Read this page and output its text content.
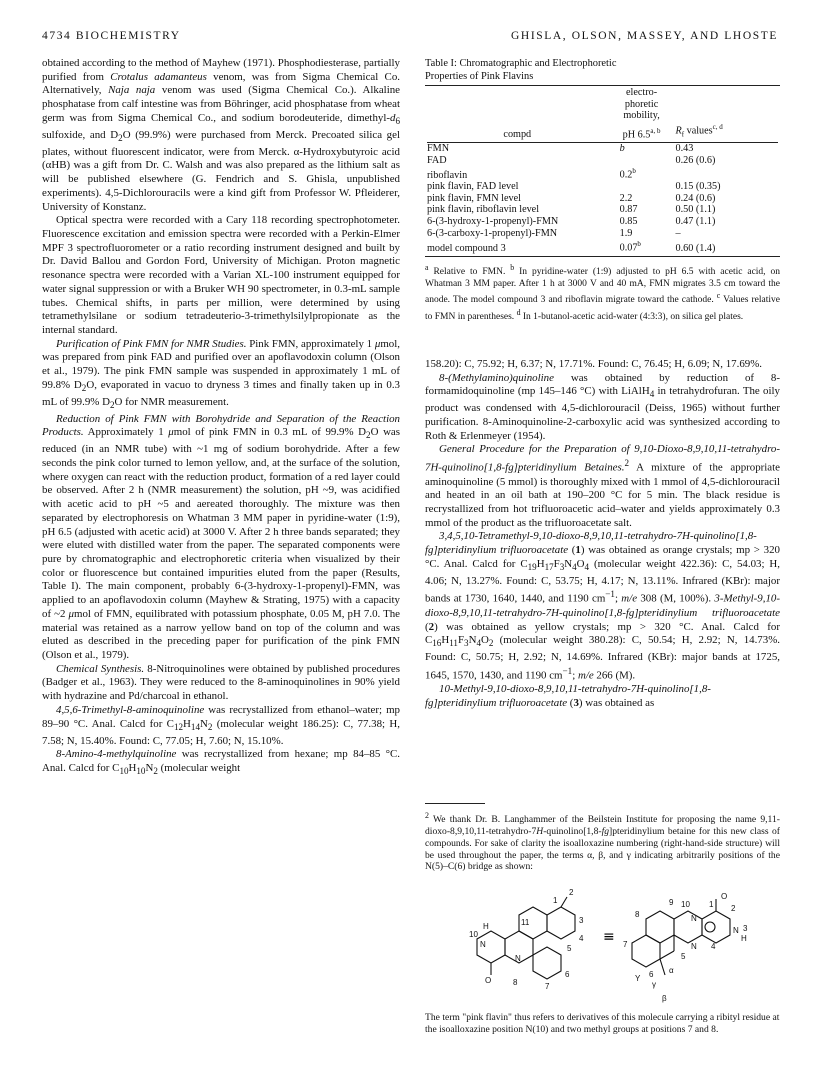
4734 BIOCHEMISTRY	GHISLA, OLSON, MASSEY, AND LHOSTE

obtained according to the method of Mayhew (1971). Phosphodiesterase, partially purified from Crotalus adamanteus venom, was from Sigma Chemical Co. Alternatively, Naja naja venom was used (Sigma Chemical Co.). Alkaline phosphatase from calf intestine was from Böhringer, acid phosphatase from wheat germ was from Sigma Chemical Co., and sodium borodeuteride, dimethyl-$d_6$ sulfoxide, and $D_2O$ (99.9%) were purchased from Merck. Precoated silica gel plates, without fluorescent indicator, were from Merck. α-Hydroxybutyroic acid (αHB) was a gift from Dr. C. Walsh and was also prepared as the lithium salt as will be published elsewhere (G. Fendrich and S. Ghisla, unpublished experiments). 4,5-Dichlorouracils were a kind gift from Professor W. Pfleiderer, University of Konstanz.

Optical spectra were recorded with a Cary 118 recording spectrophotometer. Fluorescence excitation and emission spectra were recorded with a Perkin-Elmer MPF 3 spectrofluorometer or a ratio recording instrument designed and built by Dr. David Ballou and Gordon Ford, University of Michigan. Proton magnetic resonance spectra were recorded with a Varian XL-100 instrument equipped for water signal suppression or with a Bruker WH 90 spectrometer, in 0.3-mL sample tubes. Chemical shifts, in parts per million, were determined by using tetramethylsilane or sodium tetradeuterio-3-trimethylsilylpropionate as the internal standard.

Purification of Pink FMN for NMR Studies. Pink FMN, approximately 1 μmol, was prepared from pink FAD and purified over an apoflavodoxin column (Olson et al., 1979). The pink FMN sample was suspended in approximately 1 mL of 99.8% $D_2O$, evaporated in vacuo to dryness 3 times and finally taken up in 0.3 mL of 99.9% $D_2O$ for NMR measurement.

Reduction of Pink FMN with Borohydride and Separation of the Reaction Products. Approximately 1 μmol of pink FMN in 0.3 mL of 99.9% $D_2O$ was reduced (in an NMR tube) with ~1 mg of sodium borohydride. After a few seconds the pink color turned to lemon yellow, and, at the surface of the solution, where oxygen can react with the reduction product, formation of a red layer could be observed. After 2 h (NMR measurement) the solution, pH ~9, was acidified with acetic acid to pH ~5 and aereated thoroughly. The mixture was then separated by electrophoresis on Whatman 3 MM paper in pyridine-water (1:9), pH 6.5 (adjusted with acetic acid) at 3000 V. After 2 h three bands separated; they were eluted with distilled water from the paper. The separated components were pure by chromatographic and electrophoretic criteria when visualized by their color or fluorescence but contained impurities eluted from the paper (Results, Table I). The main component, probably 6-(3-hydroxy-1-propenyl)-FMN, was applied to an apoflavodoxin column (Mayhew & Strating, 1975) with a capacity of ~2 μmol of FMN, equilibrated with potassium phosphate, 0.05 M, pH 7.0. The material was retained as a narrow yellow band on top of the column and was eluted as described in the preceding paper for purification of the pink FMN (Olson et al., 1979).

Chemical Synthesis. 8-Nitroquinolines were obtained by published procedures (Badger et al., 1963). They were reduced to the 8-aminoquinolines in 90% yield with hydrazine and Pd/charcoal in ethanol.

4,5,6-Trimethyl-8-aminoquinoline was recrystallized from ethanol–water; mp 89–90 °C. Anal. Calcd for $C_{12}H_{14}N_2$ (molecular weight 186.25): C, 77.38; H, 7.58; N, 15.40%. Found: C, 77.05; H, 7.60; N, 15.10%.

8-Amino-4-methylquinoline was recrystallized from hexane; mp 84–85 °C. Anal. Calcd for $C_{10}H_{10}N_2$ (molecular weight

Table I: Chromatographic and Electrophoretic
Properties of Pink Flavins
	electro-	
	phoretic	
	mobility,	
compd	pH 6.5$^{a, b}$	$R_f$ values$^{c, d}$

FMN	b	0.43
FAD		0.26 (0.6)
riboflavin	0.2$^b$	
pink flavin, FAD level		0.15 (0.35)
pink flavin, FMN level	2.2	0.24 (0.6)
pink flavin, riboflavin level	0.87	0.50 (1.1)
6-(3-hydroxy-1-propenyl)-FMN	0.85	0.47 (1.1)
6-(3-carboxy-1-propenyl)-FMN	1.9	–
model compound 3	0.07$^b$	0.60 (1.4)
$^a$ Relative to FMN. $^b$ In pyridine-water (1:9) adjusted to pH 6.5 with acetic acid, on Whatman 3 MM paper. After 1 h at 3000 V and 40 mA, FMN migrates 3.5 cm toward the anode. The model compound 3 and riboflavin migrate toward the cathode. $^c$ Values relative to FMN in parentheses. $^d$ In 1-butanol-acetic acid-water (4:3:3), on silica gel plates.

158.20): C, 75.92; H, 6.37; N, 17.71%. Found: C, 76.45; H, 6.09; N, 17.69%.

8-(Methylamino)quinoline was obtained by reduction of 8-formamidoquinoline (mp 145–146 °C) with LiAlH$_4$ in tetrahydrofuran. The oily product was condensed with 4,5-dichlorouracil (Deiss, 1965) without further purification. 8-Aminoquinoline-2-carboxylic acid was synthesized according to Roth & Erlenmeyer (1954).

General Procedure for the Preparation of 9,10-Dioxo-8,9,10,11-tetrahydro-7H-quinolino[1,8-fg]pteridinylium Betaines.$^2$ A mixture of the appropriate aminoquinoline (5 mmol) is thoroughly mixed with 1 mmol of 4,5-dichlorouracil and heated in an oil bath at 190–200 °C for 5 min. The black residue is recrystallized from hot trifluoroacetic acid–water and yields approximately 0.3 mmol of the product as the trifluoroacetate salt.

3,4,5,10-Tetramethyl-9,10-dioxo-8,9,10,11-tetrahydro-7H-quinolino[1,8-fg]pteridinylium trifluoroacetate (1) was obtained as orange crystals; mp > 320 °C. Anal. Calcd for $C_{19}H_{17}F_3N_4O_4$ (molecular weight 422.36): C, 54.03; H, 4.06; N, 13.27%. Found: C, 53.75; H, 4.17; N, 13.11%. Infrared (KBr): major bands at 1730, 1640, 1440, and 1190 $cm^{-1}$; m/e 308 (M, 100%). 3-Methyl-9,10-dioxo-8,9,10,11-tetrahydro-7H-quinolino[1,8-fg]pteridinylium trifluoroacetate (2) was obtained as yellow crystals; mp > 320 °C. Anal. Calcd for $C_{16}H_{11}F_3N_4O_2$ (molecular weight 380.28): C, 50.54; H, 2.92; N, 14.73%. Found: C, 50.75; H, 2.92; N, 14.69%. Infrared (KBr): major bands at 1725, 1645, 1570, 1430, and 1190 $cm^{-1}$; m/e 266 (M).

10-Methyl-9,10-dioxo-8,9,10,11-tetrahydro-7H-quinolino[1,8-fg]pteridinylium trifluoroacetate (3) was obtained as

$^2$ We thank Dr. B. Langhammer of the Beilstein Institute for proposing the name 9,11-dioxo-8,9,10,11-tetrahydro-7H-quinolino[1,8-fg]pteridinylium betaine for this new class of compounds. For sake of clarity the isoalloxazine numbering (right-hand-side structure) will be used throughout the paper, the terms α, β, and γ indicating arbitrarily positions of the N(5)–C(6) bridge as shown:
H
10
N
O
11
1
2
3
N
8	7
6
4
5
≡
9 10 1 2
8
7
N
N
O
N
H
3
5
4
6
Y
α
β
γ
The term "pink flavin" thus refers to derivatives of this molecule carrying a ribityl residue at the isoalloxazine position N(10) and two methyl groups at positions 7 and 8.
